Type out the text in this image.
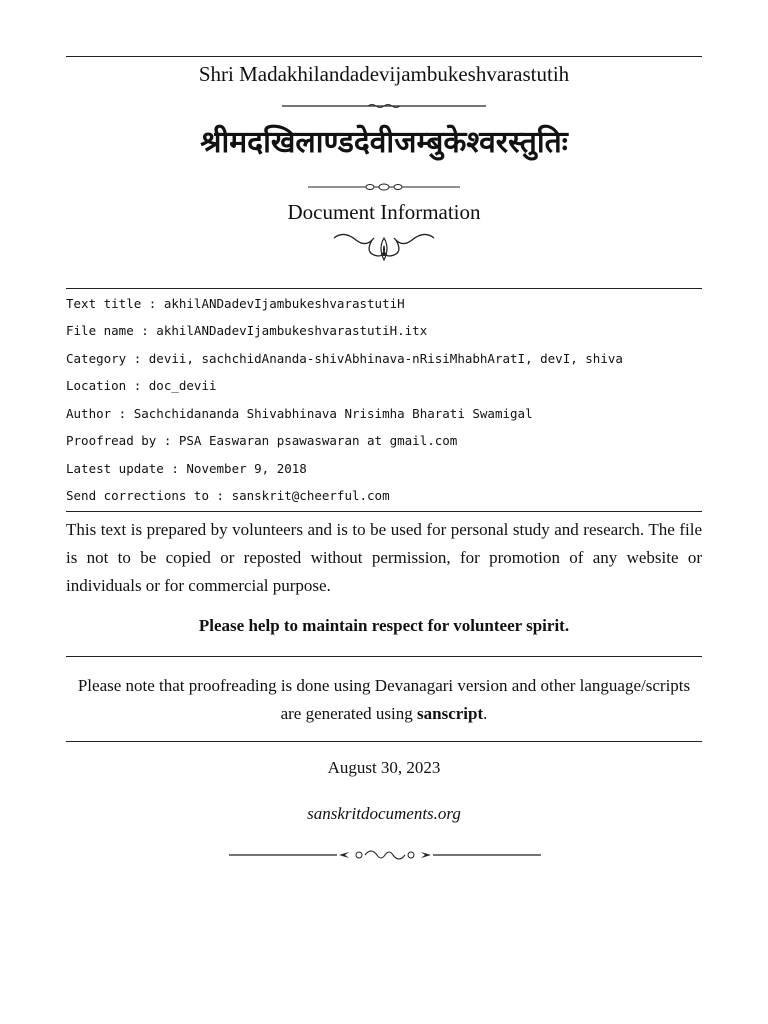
Shri Madakhilandadevijambukeshvarastutih
श्रीमदखिलाण्डदेवीजम्बुकेश्वरस्तुतिः
Document Information
Text title : akhilANDadevIjambukeshvarastutiH
File name : akhilANDadevIjambukeshvarastutiH.itx
Category : devii, sachchidAnanda-shivAbhinava-nRisiMhabhAratI, devI, shiva
Location : doc_devii
Author : Sachchidananda Shivabhinava Nrisimha Bharati Swamigal
Proofread by : PSA Easwaran psawaswaran at gmail.com
Latest update : November 9, 2018
Send corrections to : sanskrit@cheerful.com
This text is prepared by volunteers and is to be used for personal study and research. The file is not to be copied or reposted without permission, for promotion of any website or individuals or for commercial purpose.
Please help to maintain respect for volunteer spirit.
Please note that proofreading is done using Devanagari version and other language/scripts are generated using sanscript.
August 30, 2023
sanskritdocuments.org
